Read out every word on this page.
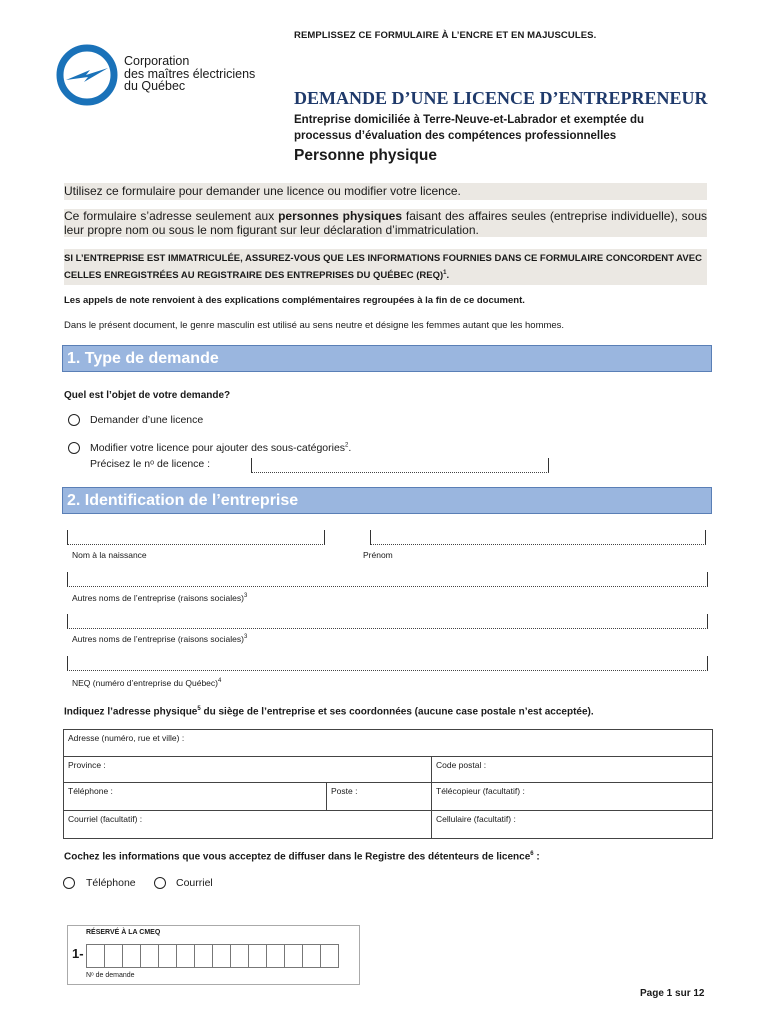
REMPLISSEZ CE FORMULAIRE À L’ENCRE ET EN MAJUSCULES.
Corporation
des maîtres électriciens
du Québec
DEMANDE D’UNE LICENCE D’ENTREPRENEUR
Entreprise domiciliée à Terre-Neuve-et-Labrador et exemptée du
processus d’évaluation des compétences professionnelles
Personne physique
Utilisez ce formulaire pour demander une licence ou modifier votre licence.
Ce formulaire s’adresse seulement aux personnes physiques faisant des affaires seules (entreprise individuelle), sous leur propre nom ou sous le nom figurant sur leur déclaration d’immatriculation.
SI L’ENTREPRISE EST IMMATRICULÉE, ASSUREZ-VOUS QUE LES INFORMATIONS FOURNIES DANS CE FORMULAIRE CONCORDENT AVEC CELLES ENREGISTRÉES AU REGISTRAIRE DES ENTREPRISES DU QUÉBEC (REQ)$^1$.
Les appels de note renvoient à des explications complémentaires regroupées à la fin de ce document.
Dans le présent document, le genre masculin est utilisé au sens neutre et désigne les femmes autant que les hommes.
1. Type de demande
Quel est l’objet de votre demande?
Demander d’une licence
Modifier votre licence pour ajouter des sous-catégories$^2$.
Précisez le nᵒ de licence :
2. Identification de l’entreprise
Nom à la naissance	Prénom
Autres noms de l’entreprise (raisons sociales)$^3$
Autres noms de l’entreprise (raisons sociales)$^3$
NEQ (numéro d’entreprise du Québec)$^4$
Indiquez l’adresse physique$^5$ du siège de l’entreprise et ses coordonnées (aucune case postale n’est acceptée).
Adresse (numéro, rue et ville) :		
Province :		Code postal :
Téléphone :	Poste :	Télécopieur (facultatif) :
Courriel (facultatif) :		Cellulaire (facultatif) :
Cochez les informations que vous acceptez de diffuser dans le Registre des détenteurs de licence$^6$ :
Téléphone	Courriel
RÉSERVÉ À LA CMEQ
1-
Nᵒ de demande
Page 1 sur 12
